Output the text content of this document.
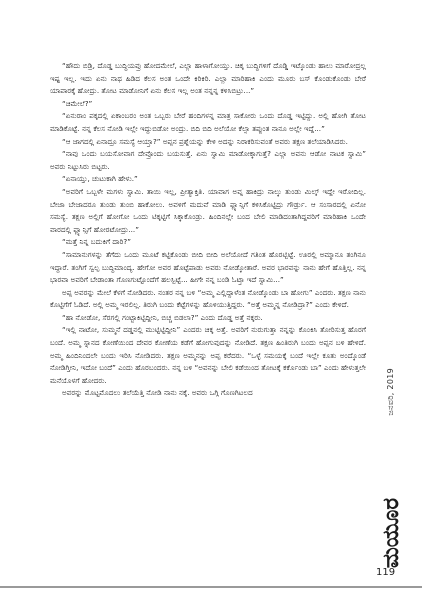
“ಹೌದು ಬಿಡ್ರಿ, ದೊಡ್ಡ ಬುದ್ಧಿಯವ್ರು ಹೋದಮೇಲೆ, ಎಲ್ಲಾ ಹಾಳಾಗೋಯ್ತು. ಚಿಕ್ಕ ಬುದ್ಧಿಗಳಿಗೆ ದೊಡ್ಡಿ ಇಟ್ಕೊಂಡು ಹಾಲು ಮಾರೋದ್ರಲ್ಲ ಇಷ್ಟ ಇಲ್ಲ. ಇದು ಏನು ನಾಥ ಹಿಡಿದ ಕೆಲಸ ಅಂತ ಒಂದೇ ಕಿರಿಕಿರಿ. ಎಲ್ಲಾ ಮಾರಿಹಾಕಿ ಎಂದು ಮೂರು ಬಸ್ ಕೊಂಡುಕೊಂಡು ಬೇರೆ ಯಾಪಾರಕ್ಕೆ ಹೋದ್ರು. ತೋಟ ಮಾಡೋನಿಗೆ ಏನು ಕೆಲಸ ಇಲ್ಲ ಅಂತ ನನ್ನನ್ನ ಕಳಿಸಿಬಿಟ್ರು...”

“ಚಿಮೇಲೆ?”

“ಏನುರಾಂ ಪಕ್ಕದಲ್ಲಿ ಏಕಾಂಬರಂ ಅಂತ ಒಬ್ಬರು ಬೇರೆ ಹಂದಿಗಳನ್ನ ಮಾತ್ರ ಸಾಕೋರು ಒಂದು ದೊಡ್ಡ ಇಟ್ಟಿದ್ದು. ಅಲ್ಲಿ ಹೋಗಿ ತೋಟ ಮಾಡಿಕೊಟ್ಟೆ. ನನ್ನ ಕೆಲಸ ನೋಡಿ ಇಲ್ಲೇ ಇದ್ದುಬಿಡೋ ಅಂದ್ರು. ಬಿದಿ ಬಿದಿ ಅಲೆಯೋ ಕೆಲ್ಸಾ ತಪ್ಪುಂತ ನಾನೂ ಅಲ್ಲೇ ಇದ್ದೆ...”

“ಆ ಜಾಗದಲ್ಲಿ ಏನಾದ್ರೂ ಸಮಸ್ಯೆ ಆಯ್ತಾ?” ಅಪ್ಪನ ಪ್ರಶ್ನೆಯನ್ನು ಕೇಳಿ ಅದನ್ನು ನಿರಾಕರಿಸುವಂತೆ ಅವರು ತಕ್ಷಣ ತಲೆಯಾಡಿಸಿದರು.

“ನಾವು ಒಂದು ಬಯಸೋವಾಗ ದೇವ್ರೊಂದು ಬಯಸುತ್ತೆ. ಏನು ಸ್ವಾಮಿ ಮಾಡೋಕ್ಕಾಗುತ್ತೆ? ಎಲ್ಲಾ ಅವನು ಆಡೋ ನಾಟಕ ಸ್ವಾಮಿ” ಅವರು ನಿಟ್ಟುಸಿರು ಬಿಟ್ಟರು.

“ಏನಾಯ್ತು, ಚುಟುಕಾಗಿ ಹೇಳು.”

“ಅವರಿಗೆ ಒಬ್ಬಳೇ ಮಗಳು ಸ್ವಾಮಿ. ತಾಯಿ ಇಲ್ಲ, ಪ್ರೀತ್ಯಾಕ್ತಿತಿ. ಯಾವಾಗ ಅವ್ನ ಹಾಕಿದ್ರು ನಾಲ್ಕು ತುಂಡು ಮಿಲ್ಕ್ ಇದ್ದೇ ಇರೋದಿಲ್ಲ. ಬೇಜಾ ಬೇಜಾದರೂ ತುಂಡು ತುಂಬಿ ಹಾಕೋಲು. ಅವಳಿಗೆ ಮದುವೆ ಮಾಡಿ ಫ್ಲ್ಯಾನ್ಸಿಗೆ ಕಳಿಸಿಕೊಟ್ಟಿದ್ರು ಗೌರ್ಡ್ರು. ಆ ಸಂಸಾರದಲ್ಲಿ ಏನೋ ಸಮಸ್ಯೆ. ತಕ್ಷಣ ಅಲ್ಲಿಗೆ ಹೋಗೋ ಒಂದು ಟಿಕ್ಕಟ್ಟಿಗೆ ಸಿಕ್ಕಾಕೊಂಡ್ರು. ಹಿಂದಿನಲ್ಲೇ ಬಂದ ಬೇಲಿ ಮಾಡಿದಂತಾಗಿದ್ದವರಿಗೆ ಮಾರಿಹಾಕಿ ಒಂದೇ ವಾರದಲ್ಲಿ ಫ್ಲ್ಯಾನ್ಸಿಗೆ ಹೋರಟೋದ್ರು...”

“ಮತ್ತೆ ನಿನ್ನ ಬದುಕಿಗೆ ದಾರಿ?”

“ಸಾಮಾನುಗಳನ್ನು ತೆಗೆದು ಒಂದು ಮೂಟೆ ಕಟ್ಟಿಕೊಂಡು ಬೀದಿ ಬೀದಿ ಅಲೆಯೋದೆ ಗತಿಂತ ಹೊರಟ್ಬಿಟ್ಟೆ. ಊರಲ್ಲಿ ಅಮ್ಮಾನೂ ತಂಗಿನೂ ಇದ್ದಾರೆ. ತಂಗಿಗೆ ಸ್ವಲ್ಪ ಬುದ್ಧಿಮಾಂದ್ಯ. ಹೇಗೋ ಅವರ ಹೊಟ್ಟೆಪಾಡು ಅವರು ನೋಡ್ಕೋತಾರೆ. ಅವರ ಭಾರವನ್ನು ನಾನು ಹೇಗೆ ಹೊತ್ತಿಲ್ಲ. ನನ್ನ ಭಾರವಾ ಅವರಿಗೆ ಬೇಡಾಂತಾ ಗೊಣಗುಟ್ಟೊಂದೆಗೆ ಹಲಸ್ಬಿಟ್ಟೆ... ಹೀಗೇ ನನ್ನ ಬಂಡಿ ಓಟ್ತಾ ಇದೆ ಸ್ವಾಮಿ...”

ಅಪ್ಪ ಅವರನ್ನು ಮೇಲೆ ಕೆಳಗೆ ನೋಡಿದರು. ನಂತರ ನನ್ನ ಬಳಿ “ಅಮ್ಮ ಎಲ್ಲಿದ್ದಾಳೆಂತ ನೋಡ್ಕೊಂಡು ಬಾ ಹೋಗು” ಎಂದರು. ತಕ್ಷಣ ನಾನು ಕೊಟ್ಟಿಗೆಗೆ ಓಡಿದೆ. ಅಲ್ಲಿ ಅಮ್ಮ ಇರಲಿಲ್ಲ. ತಿರುಗಿ ಬಂದು ಕೆಟ್ಟೆಗಳನ್ನು ಹೊಳಿಯುತ್ತಿದ್ದರು. “ಅತ್ತೆ ಅಮ್ಮನ್ನ ನೋಡಿದ್ರಾ?” ಎಂದು ಕೇಳಿದೆ.

“ಹಾ ನೋಡೋ, ಸೆರಗಲ್ಲಿ ಗಂಟ್ಟಾಕಿಟ್ಟಿದ್ದೀನಿ, ಬಿಚ್ಚ ಬಿಡಲಾ?” ಎಂದು ದೊಡ್ಡ ಅತ್ತೆ ನಕ್ಕರು.

“ಇಲ್ಲಿ ನಾಟೋ, ಸುಮ್ಮನೆ ದಡ್ಡನಲ್ಲಿ ಮುಟ್ಟಿಟ್ಟಿದ್ದೀನಿ” ಎಂದರು ಚಿಕ್ಕ ಅತ್ತೆ. ಅವರಿಗೆ ನುರುಗುತ್ತಾ ನನ್ನನ್ನು ಕೊಂಕಿಸಿ ತೋರಿಸುತ್ತ ಹೊರಗೆ ಬಂದೆ. ಅಮ್ಮ ಸ್ನಾನದ ಕೋಣೆಯಿಂದ ದೇವರ ಕೋಣೆಯ ಕಡೆಗೆ ಹೋಗುವುದನ್ನು ನೋಡಿದೆ. ತಕ್ಷಣ ಹಿಂತಿರುಗಿ ಬಂದು ಅಪ್ಪನ ಬಳಿ ಹೇಳಿದೆ. ಅಮ್ಮ ಹಿಂದಿನಿಂದಲೇ ಬಂದು ಇರಿಸಿ ನೋಡಿದರು. ತಕ್ಷಣ ಅಮ್ಮನನ್ನು ಅಪ್ಪ ಕರೆದರು. “ಒಳ್ಳೆ ಸಮಯಕ್ಕೆ ಬಂದೆ ಇಲ್ಲೇ ಕೂತು ಅಂದ್ಕೊಂಡೆ ನೋಡಿಗ್ತೀನಿ, ಇದೋ ಬಂದೆ” ಎಂದು ಹೊರಬಂದರು. ನನ್ನ ಬಳಿ “ಅವನನ್ನು ಬೇಲಿ ಕಡೆಯಿಂದ ತೋಟಕ್ಕೆ ಕರ್ಕೊಂಡು ಬಾ” ಎಂದು ಹೇಳುತ್ತಲೇ ಮನೆಯೊಳಗೆ ಹೋದರು.

ಅವರನ್ನು ಮೊಟ್ಟಮೊದಲು ತಲೆಯೆತ್ತಿ ನೋಡಿ ನಾನು ನಕ್ಕೆ. ಅವರು ಒಗ್ಗಿ ಗೊಣಗಿಟಲದ	ಜನವರಿ, 2019
ಮಯೂರ
119
